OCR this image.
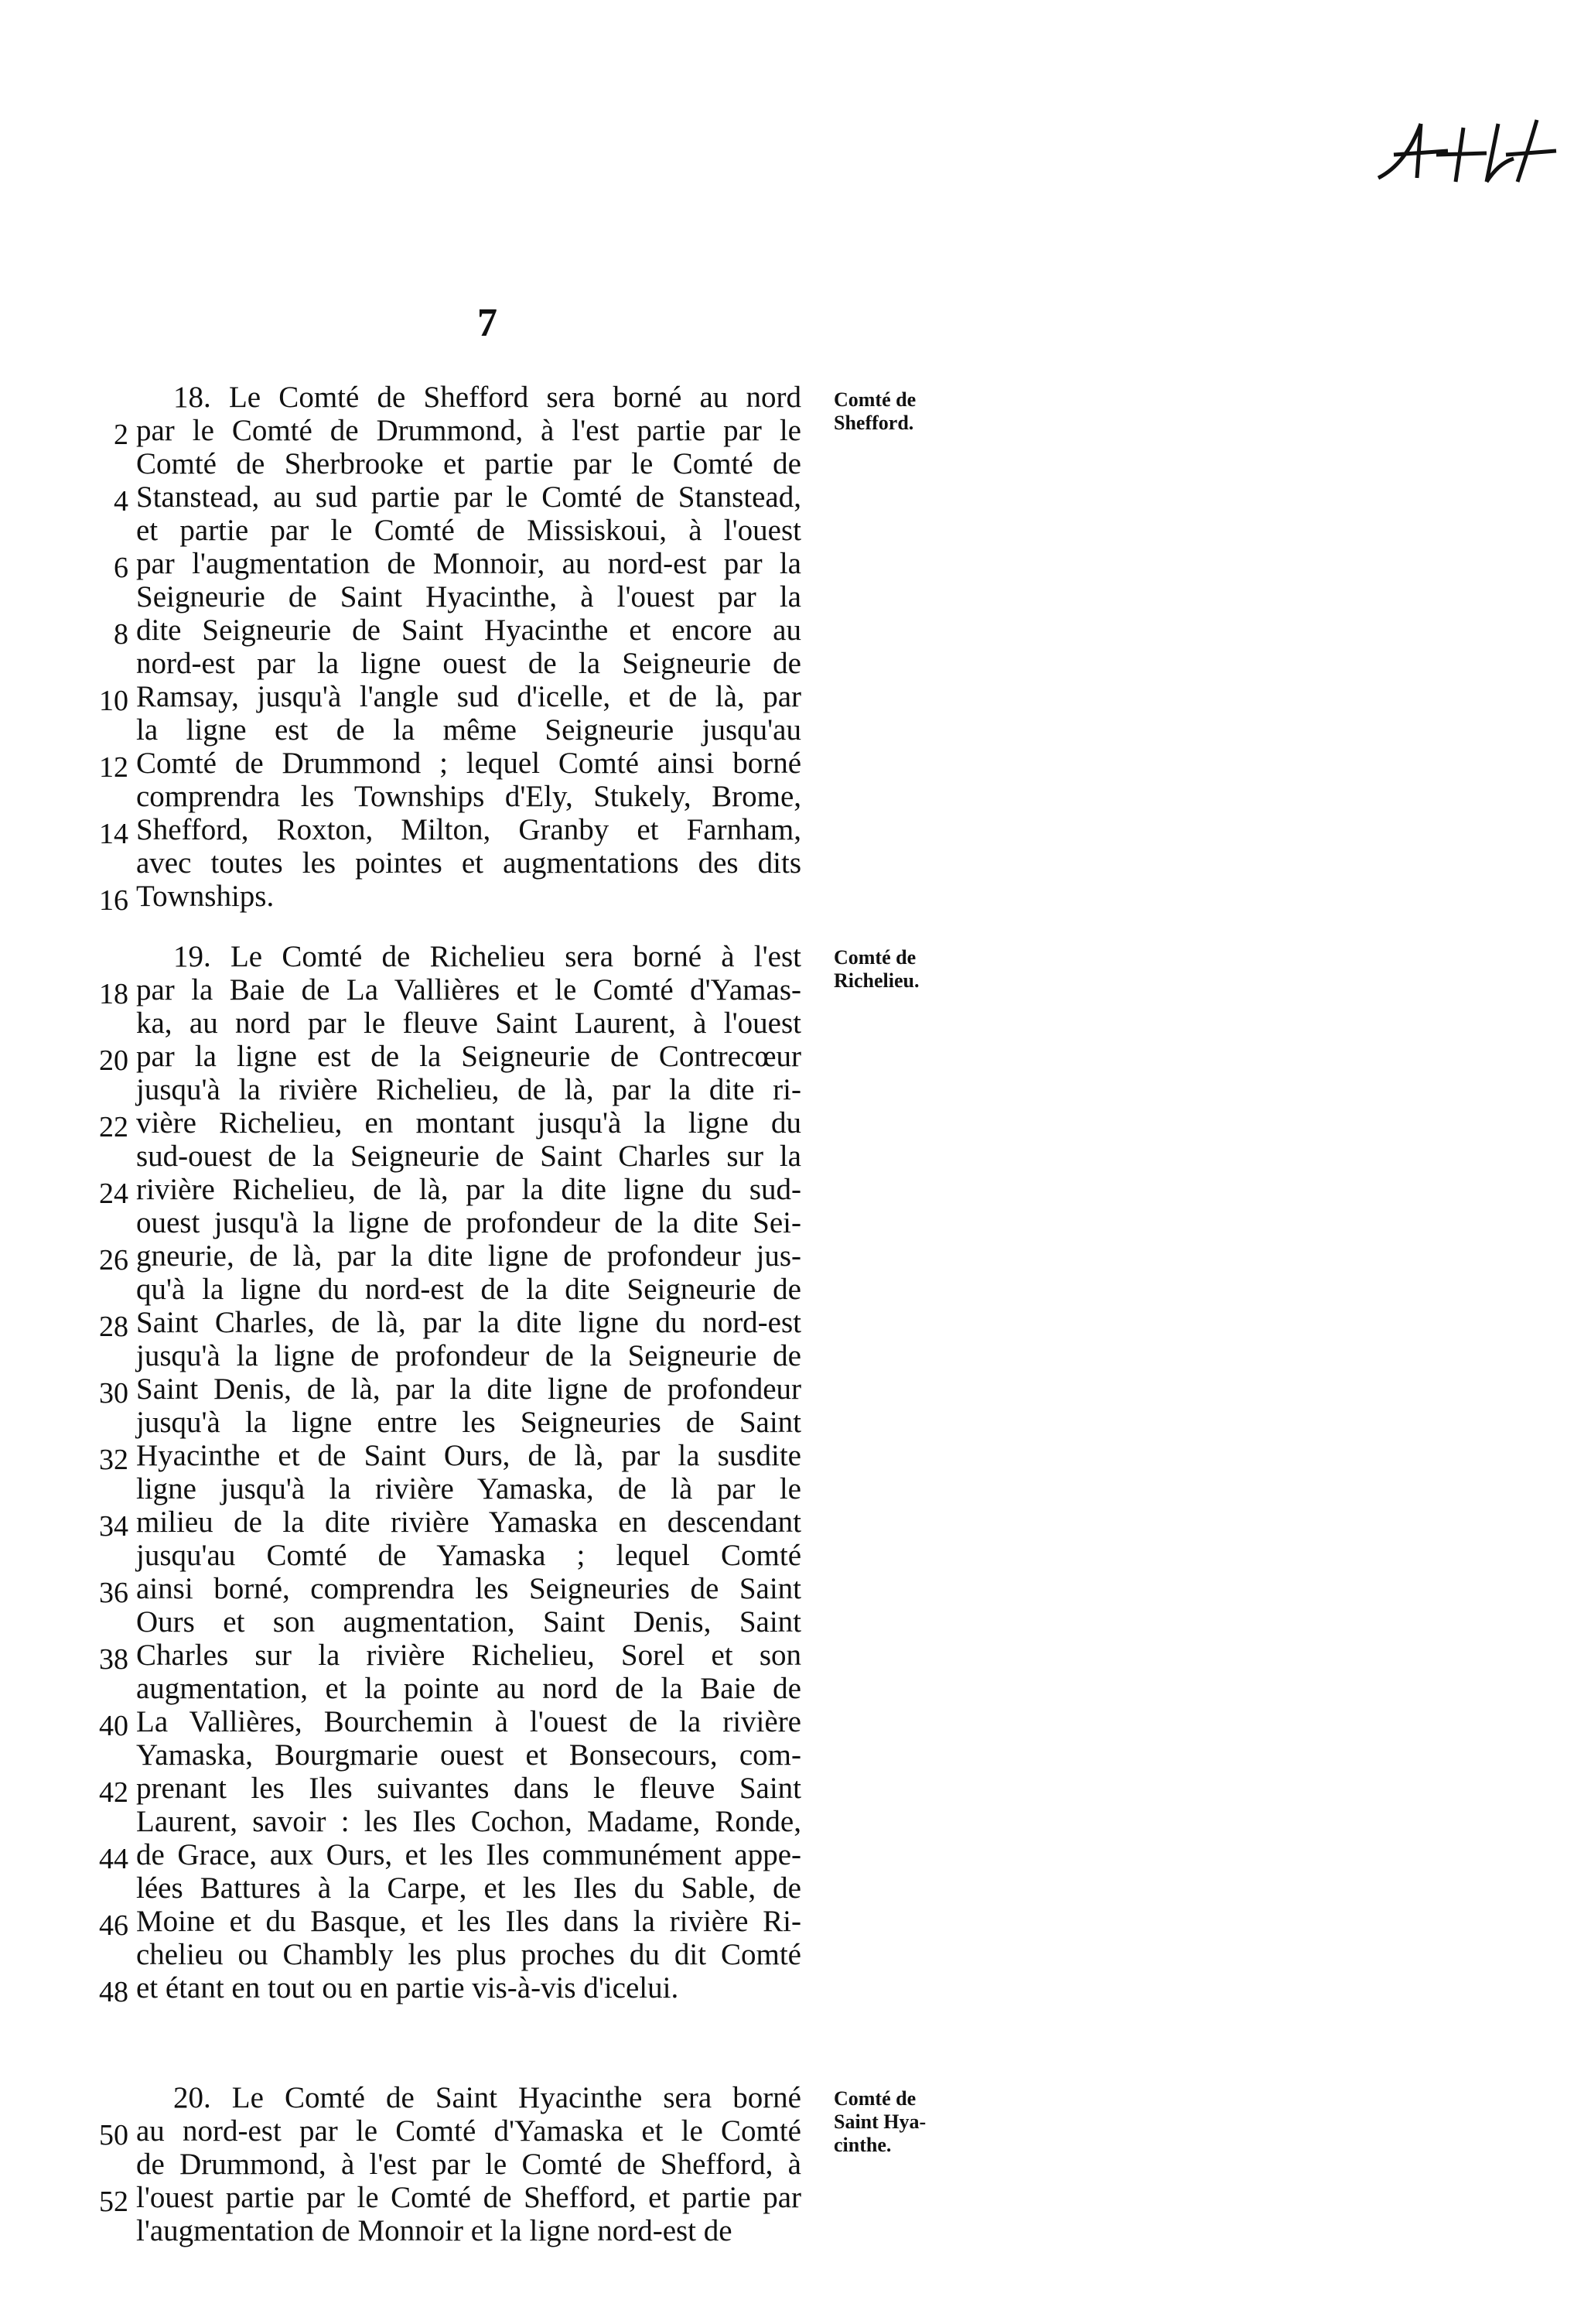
7
Comté de
Shefford.
18. Le Comté de Shefford sera borné au nord
2 par le Comté de Drummond, à l'est partie par le
Comté de Sherbrooke et partie par le Comté de
4 Stanstead, au sud partie par le Comté de Stanstead,
et partie par le Comté de Missiskoui, à l'ouest
6 par l'augmentation de Monnoir, au nord-est par la
Seigneurie de Saint Hyacinthe, à l'ouest par la
8 dite Seigneurie de Saint Hyacinthe et encore au
nord-est par la ligne ouest de la Seigneurie de
10 Ramsay, jusqu'à l'angle sud d'icelle, et de là, par
la ligne est de la même Seigneurie jusqu'au
12 Comté de Drummond ; lequel Comté ainsi borné
comprendra les Townships d'Ely, Stukely, Brome,
14 Shefford, Roxton, Milton, Granby et Farnham,
avec toutes les pointes et augmentations des dits
16 Townships.
Comté de
Richelieu.
19. Le Comté de Richelieu sera borné à l'est
18 par la Baie de La Vallières et le Comté d'Yamas-
ka, au nord par le fleuve Saint Laurent, à l'ouest
20 par la ligne est de la Seigneurie de Contrecœur
jusqu'à la rivière Richelieu, de là, par la dite ri-
22 vière Richelieu, en montant jusqu'à la ligne du
sud-ouest de la Seigneurie de Saint Charles sur la
24 rivière Richelieu, de là, par la dite ligne du sud-
ouest jusqu'à la ligne de profondeur de la dite Sei-
26 gneurie, de là, par la dite ligne de profondeur jus-
qu'à la ligne du nord-est de la dite Seigneurie de
28 Saint Charles, de là, par la dite ligne du nord-est
jusqu'à la ligne de profondeur de la Seigneurie de
30 Saint Denis, de là, par la dite ligne de profondeur
jusqu'à la ligne entre les Seigneuries de Saint
32 Hyacinthe et de Saint Ours, de là, par la susdite
ligne jusqu'à la rivière Yamaska, de là par le
34 milieu de la dite rivière Yamaska en descendant
jusqu'au Comté de Yamaska ; lequel Comté
36 ainsi borné, comprendra les Seigneuries de Saint
Ours et son augmentation, Saint Denis, Saint
38 Charles sur la rivière Richelieu, Sorel et son
augmentation, et la pointe au nord de la Baie de
40 La Vallières, Bourchemin à l'ouest de la rivière
Yamaska, Bourgmarie ouest et Bonsecours, com-
42 prenant les Iles suivantes dans le fleuve Saint
Laurent, savoir : les Iles Cochon, Madame, Ronde,
44 de Grace, aux Ours, et les Iles communément appe-
lées Battures à la Carpe, et les Iles du Sable, de
46 Moine et du Basque, et les Iles dans la rivière Ri-
chelieu ou Chambly les plus proches du dit Comté
48 et étant en tout ou en partie vis-à-vis d'icelui.
Comté de
Saint Hya-
cinthe.
20. Le Comté de Saint Hyacinthe sera borné
50 au nord-est par le Comté d'Yamaska et le Comté
de Drummond, à l'est par le Comté de Shefford, à
52 l'ouest partie par le Comté de Shefford, et partie par
l'augmentation de Monnoir et la ligne nord-est de
